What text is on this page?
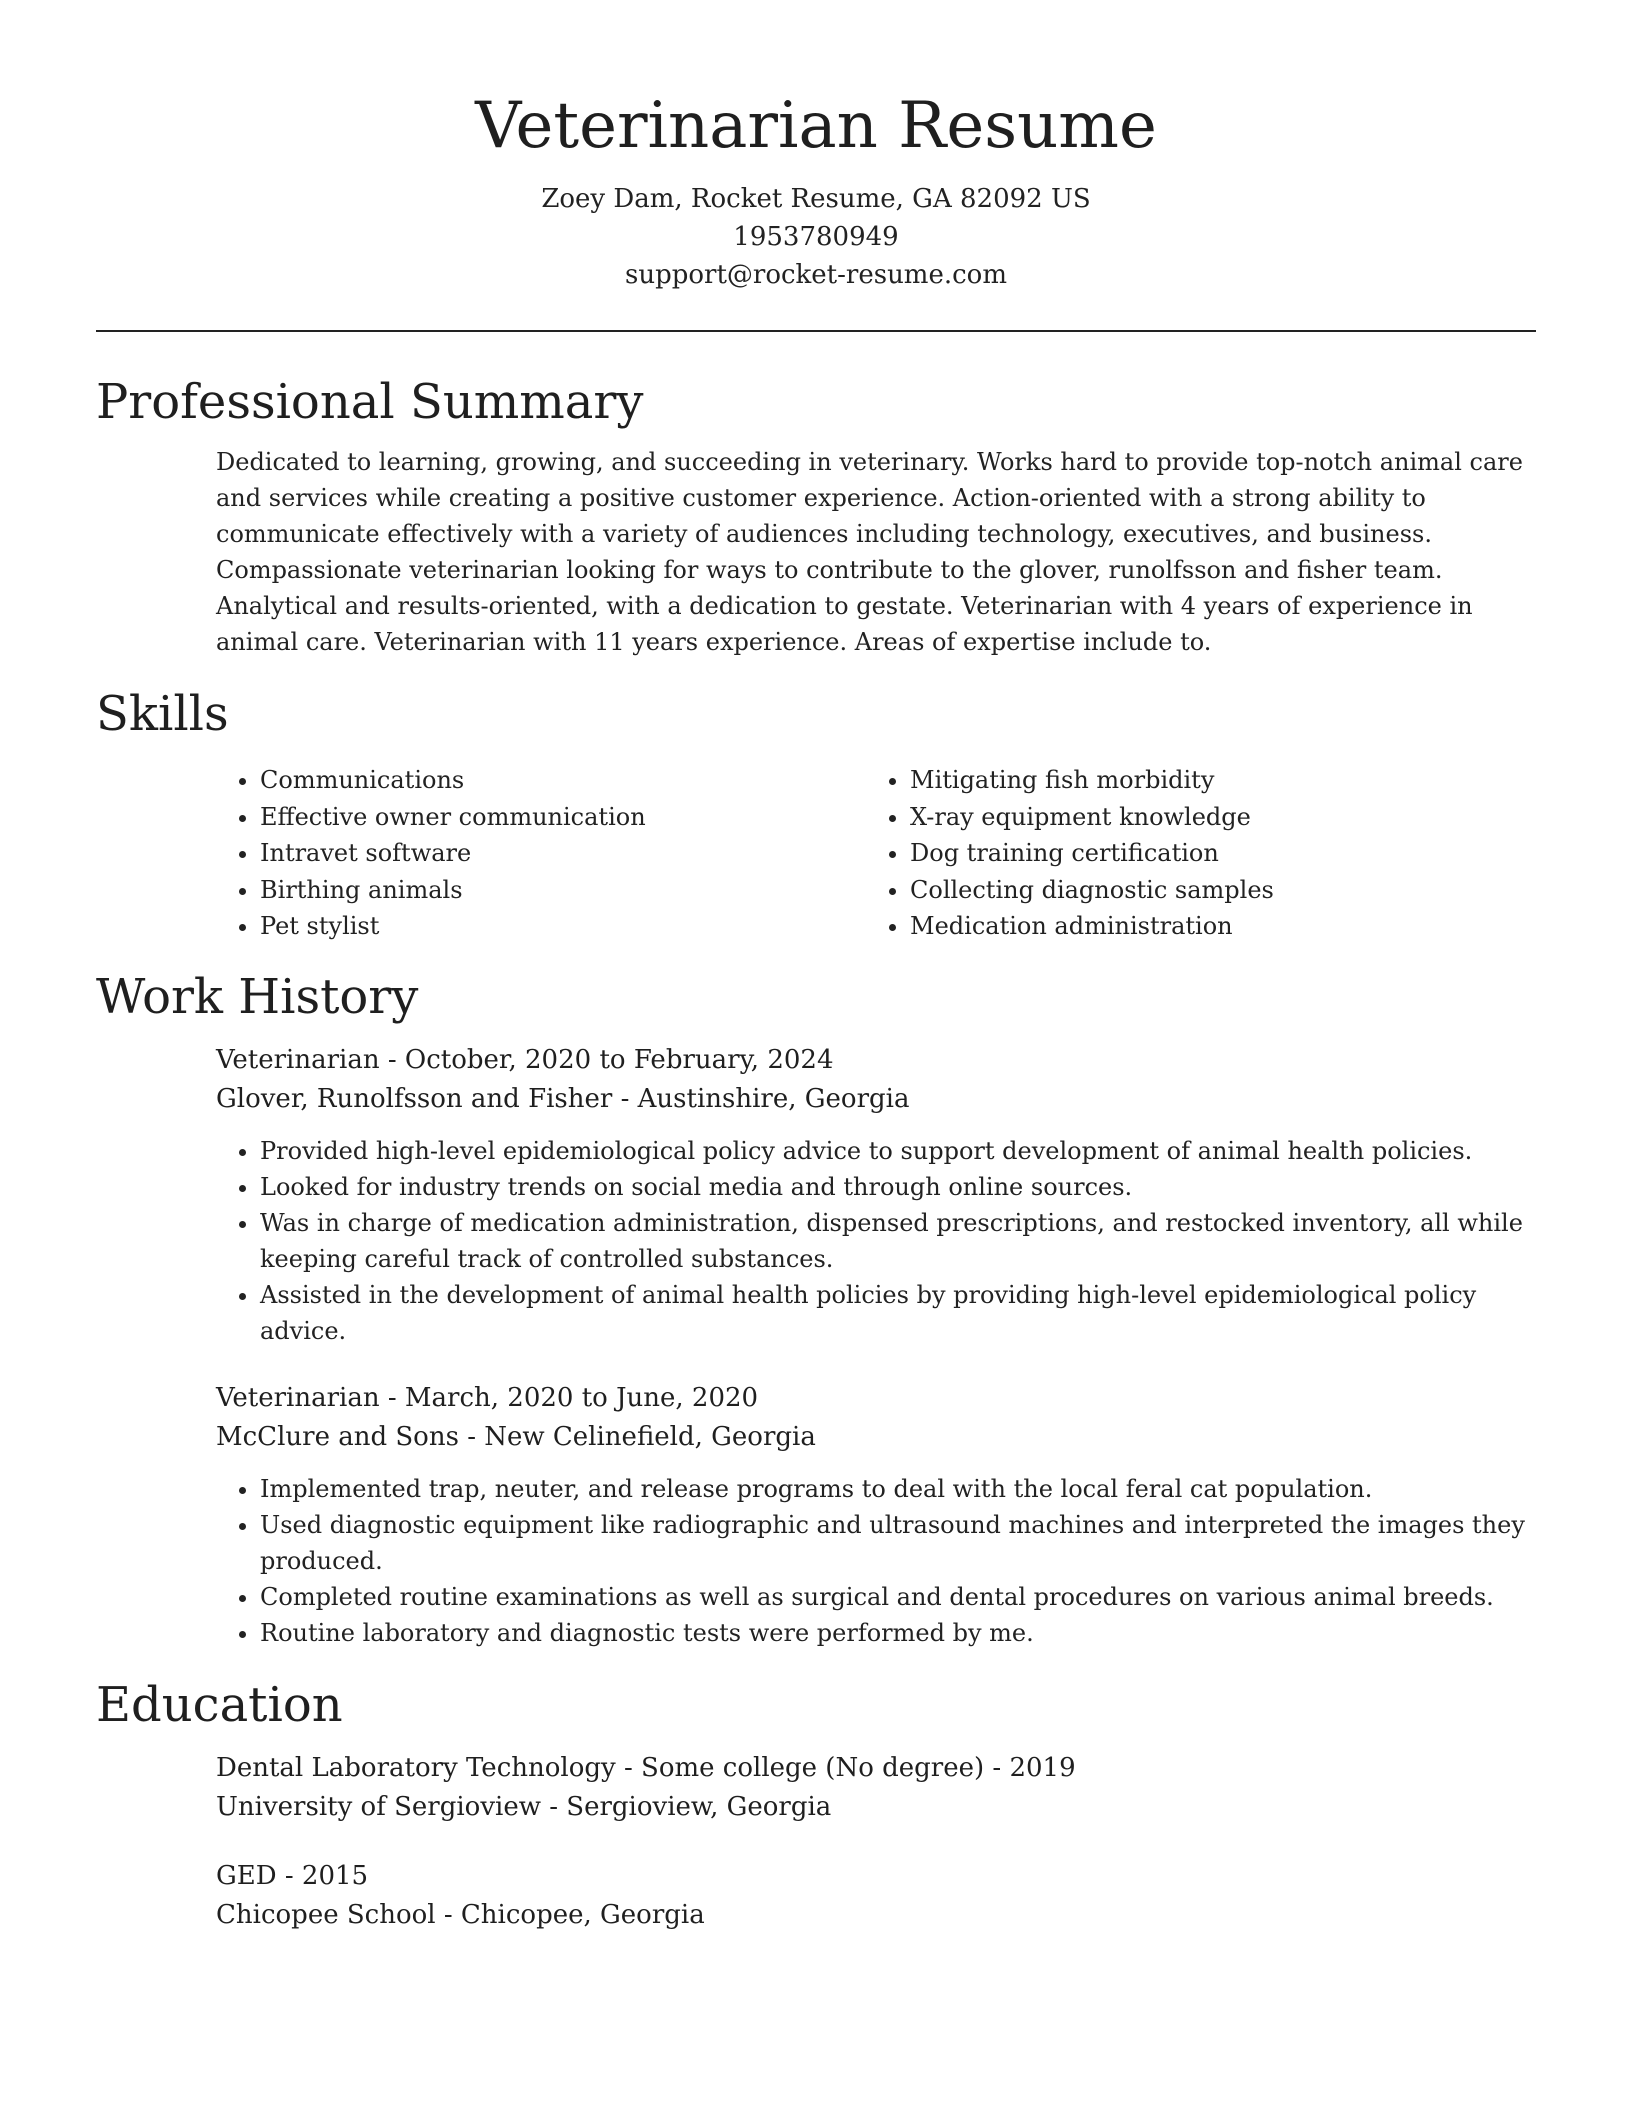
Veterinarian Resume

Zoey Dam, Rocket Resume, GA 82092 US

1953780949

support@rocket-resume.com

Professional Summary

Dedicated to learning, growing, and succeeding in veterinary. Works hard to provide top-notch animal care and services while creating a positive customer experience. Action-oriented with a strong ability to communicate effectively with a variety of audiences including technology, executives, and business. Compassionate veterinarian looking for ways to contribute to the glover, runolfsson and fisher team. Analytical and results-oriented, with a dedication to gestate. Veterinarian with 4 years of experience in animal care. Veterinarian with 11 years experience. Areas of expertise include to.

Skills
• Communications
• Effective owner communication
• Intravet software
• Birthing animals
• Pet stylist
• Mitigating fish morbidity
• X-ray equipment knowledge
• Dog training certification
• Collecting diagnostic samples
• Medication administration
Work History

Veterinarian - October, 2020 to February, 2024

Glover, Runolfsson and Fisher - Austinshire, Georgia

• Provided high-level epidemiological policy advice to support development of animal health policies.
• Looked for industry trends on social media and through online sources.
• Was in charge of medication administration, dispensed prescriptions, and restocked inventory, all while keeping careful track of controlled substances.
• Assisted in the development of animal health policies by providing high-level epidemiological policy advice.

Veterinarian - March, 2020 to June, 2020

McClure and Sons - New Celinefield, Georgia

• Implemented trap, neuter, and release programs to deal with the local feral cat population.
• Used diagnostic equipment like radiographic and ultrasound machines and interpreted the images they produced.
• Completed routine examinations as well as surgical and dental procedures on various animal breeds.
• Routine laboratory and diagnostic tests were performed by me.
Education

Dental Laboratory Technology - Some college (No degree) - 2019

University of Sergioview - Sergioview, Georgia

GED - 2015

Chicopee School - Chicopee, Georgia
